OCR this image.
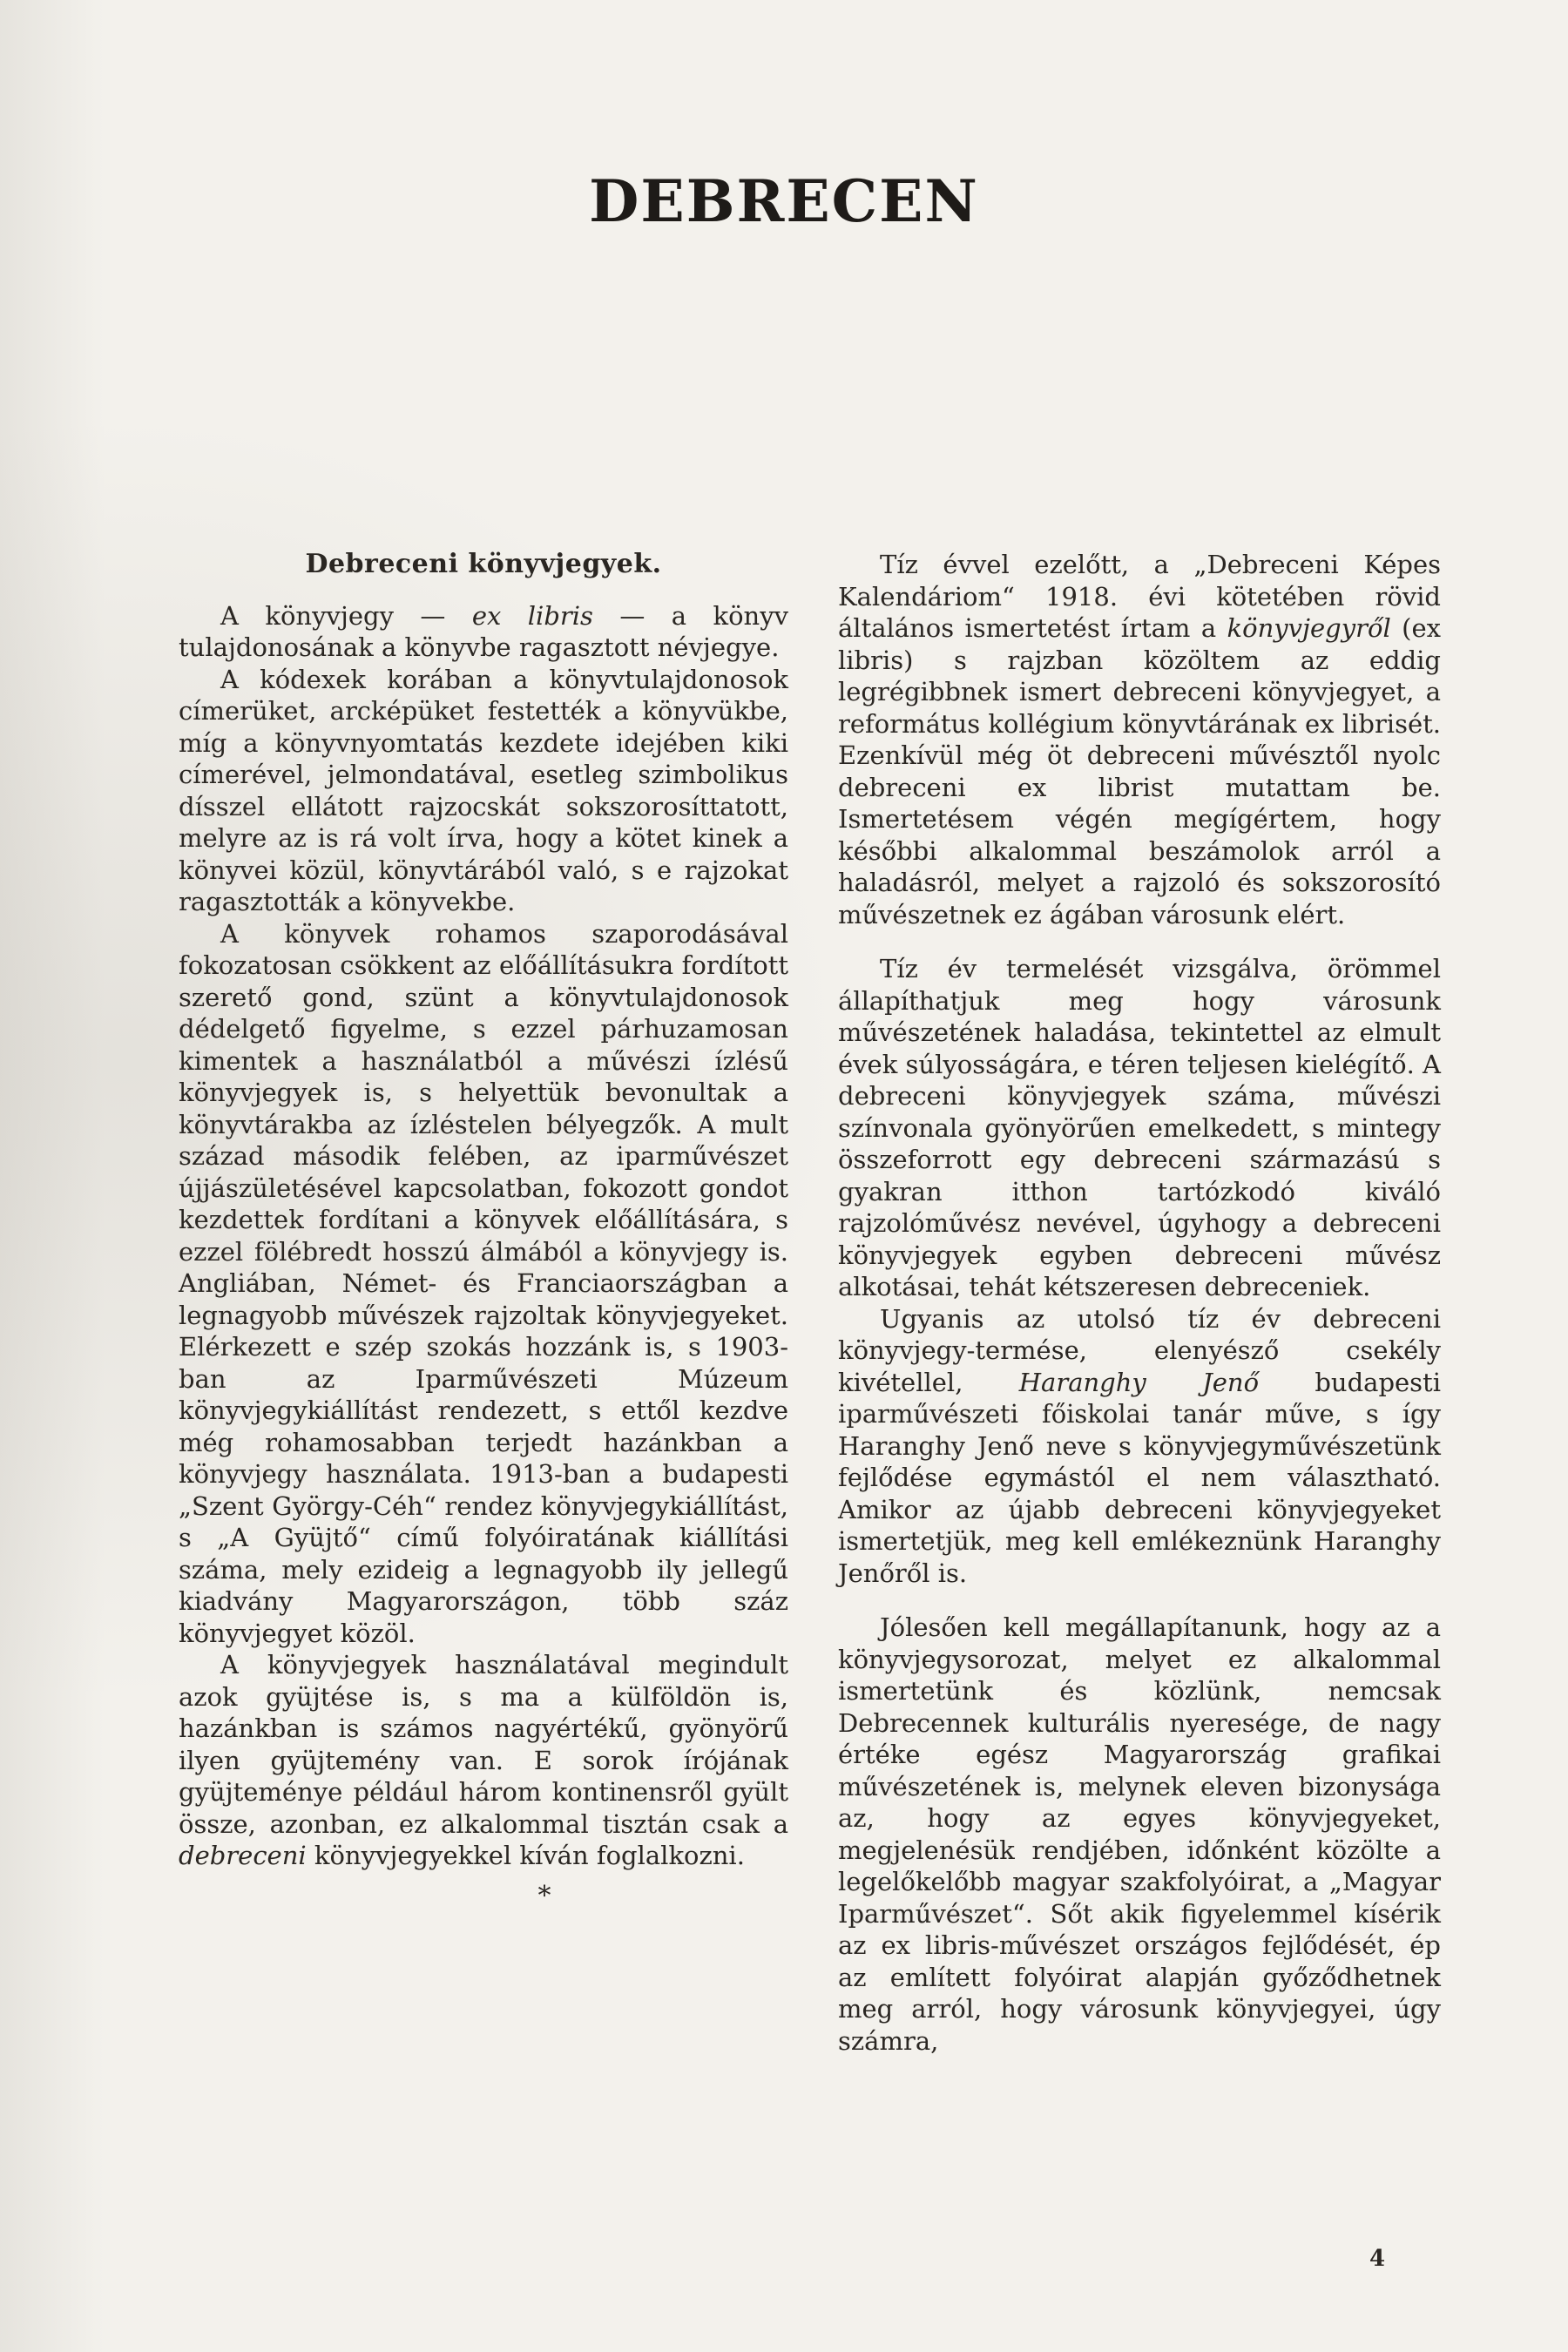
DEBRECEN
Debreceni könyvjegyek.

A könyvjegy — ex libris — a könyv tulajdonosának a könyvbe ragasztott névjegye.

A kódexek korában a könyvtulajdonosok címerüket, arcképüket festették a könyvükbe, míg a könyvnyomtatás kezdete idejében kiki címerével, jelmondatával, esetleg szimbolikus dísszel ellátott rajzocskát sokszorosíttatott, melyre az is rá volt írva, hogy a kötet kinek a könyvei közül, könyvtárából való, s e rajzokat ragasztották a könyvekbe.

A könyvek rohamos szaporodásával fokozatosan csökkent az előállításukra fordított szerető gond, szünt a könyvtulajdonosok dédelgető figyelme, s ezzel párhuzamosan kimentek a használatból a művészi ízlésű könyvjegyek is, s helyettük bevonultak a könyvtárakba az ízléstelen bélyegzők. A mult század második felében, az iparművészet újjászületésével kapcsolatban, fokozott gondot kezdettek fordítani a könyvek előállítására, s ezzel fölébredt hosszú álmából a könyvjegy is. Angliában, Német- és Franciaországban a legnagyobb művészek rajzoltak könyvjegyeket. Elérkezett e szép szokás hozzánk is, s 1903-ban az Iparművészeti Múzeum könyvjegykiállítást rendezett, s ettől kezdve még rohamosabban terjedt hazánkban a könyvjegy használata. 1913-ban a budapesti „Szent György-Céh“ rendez könyvjegykiállítást, s „A Gyüjtő“ című folyóiratának kiállítási száma, mely ezideig a legnagyobb ily jellegű kiadvány Magyarországon, több száz könyvjegyet közöl.

A könyvjegyek használatával megindult azok gyüjtése is, s ma a külföldön is, hazánkban is számos nagyértékű, gyönyörű ilyen gyüjtemény van. E sorok írójának gyüjteménye például három kontinensről gyült össze, azonban, ez alkalommal tisztán csak a debreceni könyvjegyekkel kíván foglalkozni.

*

Tíz évvel ezelőtt, a „Debreceni Képes Kalendáriom“ 1918. évi kötetében rövid általános ismertetést írtam a könyvjegyről (ex libris) s rajzban közöltem az eddig legrégibbnek ismert debreceni könyvjegyet, a református kollégium könyvtárának ex librisét. Ezenkívül még öt debreceni művésztől nyolc debreceni ex librist mutattam be. Ismertetésem végén megígértem, hogy későbbi alkalommal beszámolok arról a haladásról, melyet a rajzoló és sokszorosító művészetnek ez ágában városunk elért.

Tíz év termelését vizsgálva, örömmel állapíthatjuk meg hogy városunk művészetének haladása, tekintettel az elmult évek súlyosságára, e téren teljesen kielégítő. A debreceni könyvjegyek száma, művészi színvonala gyönyörűen emelkedett, s mintegy összeforrott egy debreceni származású s gyakran itthon tartózkodó kiváló rajzolóművész nevével, úgyhogy a debreceni könyvjegyek egyben debreceni művész alkotásai, tehát kétszeresen debreceniek.

Ugyanis az utolsó tíz év debreceni könyvjegy-termése, elenyésző csekély kivétellel, Haranghy Jenő budapesti iparművészeti főiskolai tanár műve, s így Haranghy Jenő neve s könyvjegyművészetünk fejlődése egymástól el nem választható. Amikor az újabb debreceni könyvjegyeket ismertetjük, meg kell emlékeznünk Haranghy Jenőről is.

Jólesően kell megállapítanunk, hogy az a könyvjegysorozat, melyet ez alkalommal ismertetünk és közlünk, nemcsak Debrecennek kulturális nyeresége, de nagy értéke egész Magyarország grafikai művészetének is, melynek eleven bizonysága az, hogy az egyes könyvjegyeket, megjelenésük rendjében, időnként közölte a legelőkelőbb magyar szakfolyóirat, a „Magyar Iparművészet“. Sőt akik figyelemmel kísérik az ex libris-művészet országos fejlődését, ép az említett folyóirat alapján győződhetnek meg arról, hogy városunk könyvjegyei, úgy számra,

4
